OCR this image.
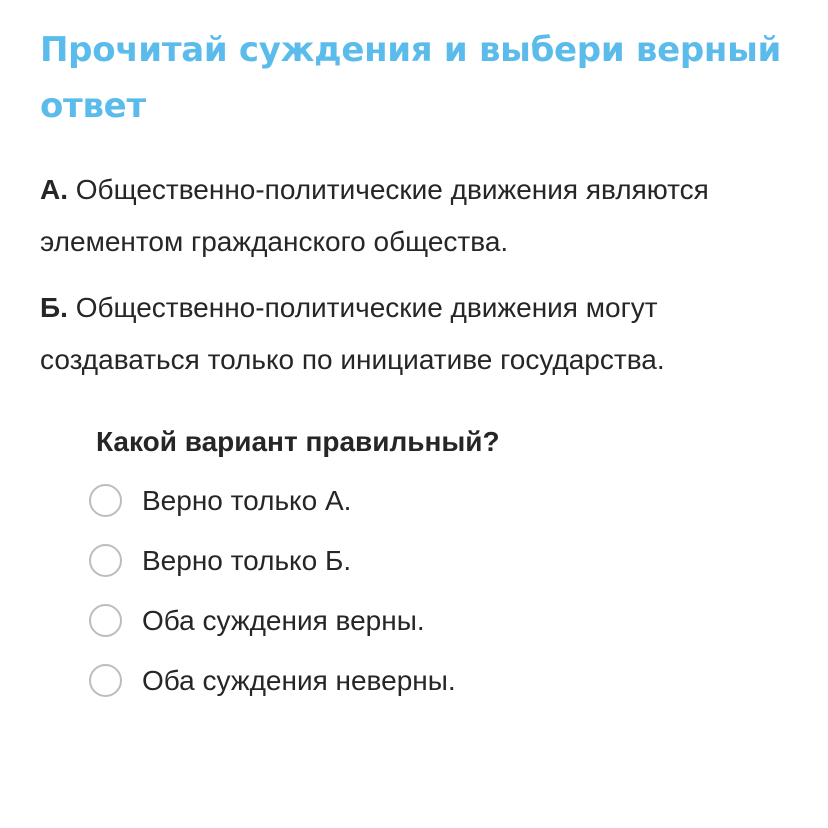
Прочитай суждения и выбери верный ответ

А. Общественно-политические движения являются элементом гражданского общества.

Б. Общественно-политические движения могут создаваться только по инициативе государства.

Какой вариант правильный?

Верно только А.
Верно только Б.
Оба суждения верны.
Оба суждения неверны.
